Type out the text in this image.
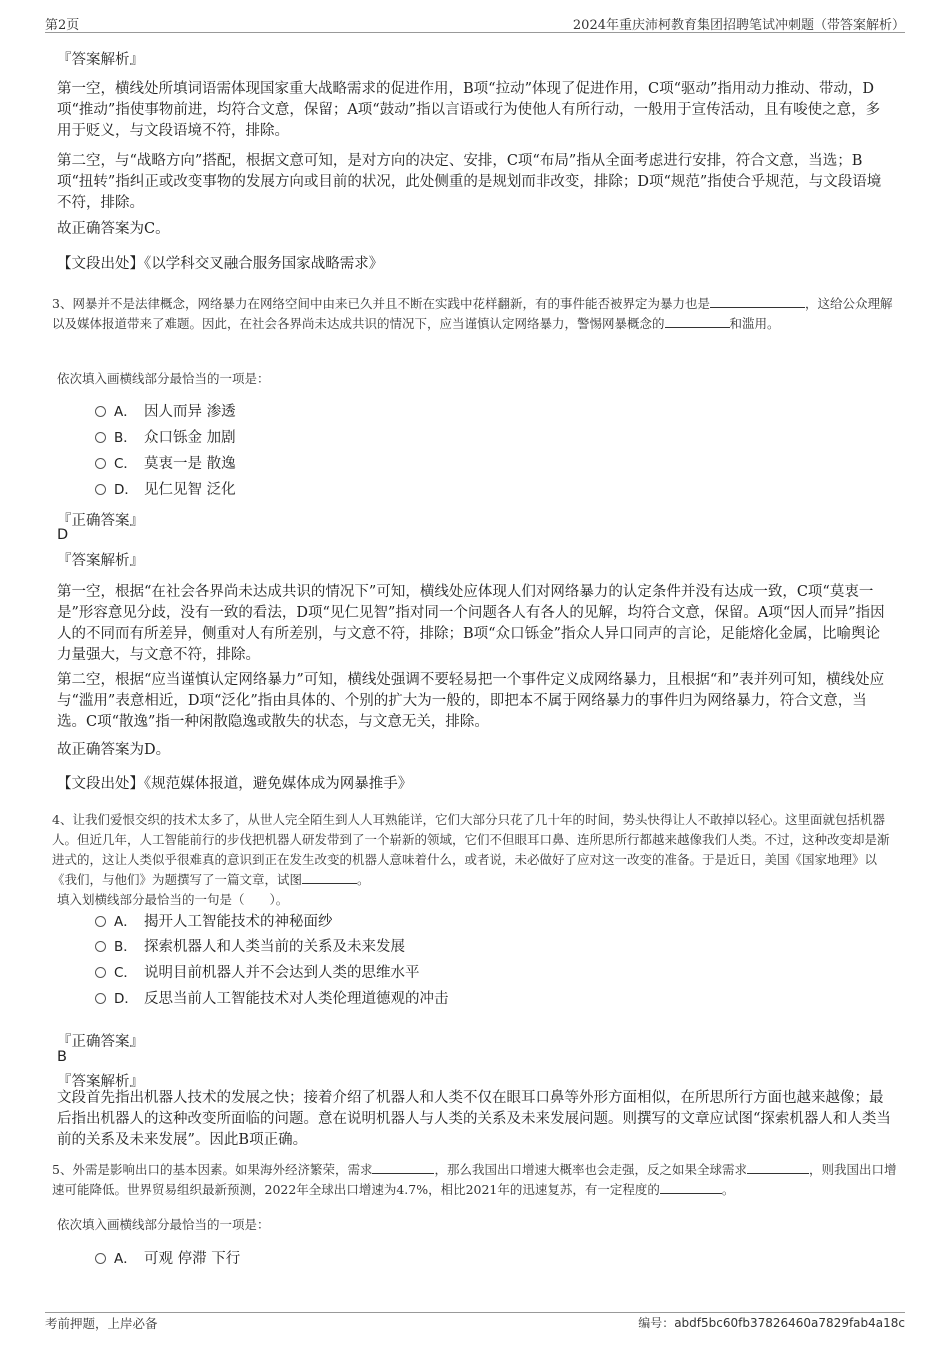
第2页	2024年重庆沛柯教育集团招聘笔试冲刺题（带答案解析）
『答案解析』
第一空，横线处所填词语需体现国家重大战略需求的促进作用，B项“拉动”体现了促进作用，C项“驱动”指用动力推动、带动，D项“推动”指使事物前进，均符合文意，保留；A项“鼓动”指以言语或行为使他人有所行动，一般用于宣传活动，且有唆使之意，多用于贬义，与文段语境不符，排除。
第二空，与“战略方向”搭配，根据文意可知，是对方向的决定、安排，C项“布局”指从全面考虑进行安排，符合文意，当选；B项“扭转”指纠正或改变事物的发展方向或目前的状况，此处侧重的是规划而非改变，排除；D项“规范”指使合乎规范，与文段语境不符，排除。
故正确答案为C。
【文段出处】《以学科交叉融合服务国家战略需求》
3、网暴并不是法律概念，网络暴力在网络空间中由来已久并且不断在实践中花样翻新，有的事件能否被界定为暴力也是	，这给公众理解以及媒体报道带来了难题。因此，在社会各界尚未达成共识的情况下，应当谨慎认定网络暴力，警惕网暴概念的	和滥用。
依次填入画横线部分最恰当的一项是：
A． 因人而异 渗透
B． 众口铄金 加剧
C． 莫衷一是 散逸
D． 见仁见智 泛化
『正确答案』
D
『答案解析』
第一空，根据“在社会各界尚未达成共识的情况下”可知，横线处应体现人们对网络暴力的认定条件并没有达成一致，C项“莫衷一是”形容意见分歧，没有一致的看法，D项“见仁见智”指对同一个问题各人有各人的见解，均符合文意，保留。A项“因人而异”指因人的不同而有所差异，侧重对人有所差别，与文意不符，排除；B项“众口铄金”指众人异口同声的言论，足能熔化金属，比喻舆论力量强大，与文意不符，排除。
第二空，根据“应当谨慎认定网络暴力”可知，横线处强调不要轻易把一个事件定义成网络暴力，且根据“和”表并列可知，横线处应与“滥用”表意相近，D项“泛化”指由具体的、个别的扩大为一般的，即把本不属于网络暴力的事件归为网络暴力，符合文意，当选。C项“散逸”指一种闲散隐逸或散失的状态，与文意无关，排除。
故正确答案为D。
【文段出处】《规范媒体报道，避免媒体成为网暴推手》
4、让我们爱恨交织的技术太多了，从世人完全陌生到人人耳熟能详，它们大部分只花了几十年的时间，势头快得让人不敢掉以轻心。这里面就包括机器人。但近几年，人工智能前行的步伐把机器人研发带到了一个崭新的领域，它们不但眼耳口鼻、连所思所行都越来越像我们人类。不过，这种改变却是渐进式的，这让人类似乎很难真的意识到正在发生改变的机器人意味着什么，或者说，未必做好了应对这一改变的准备。于是近日，美国《国家地理》以《我们，与他们》为题撰写了一篇文章，试图	。
填入划横线部分最恰当的一句是（　　）。
A． 揭开人工智能技术的神秘面纱
B． 探索机器人和人类当前的关系及未来发展
C． 说明目前机器人并不会达到人类的思维水平
D． 反思当前人工智能技术对人类伦理道德观的冲击
『正确答案』
B
『答案解析』
文段首先指出机器人技术的发展之快；接着介绍了机器人和人类不仅在眼耳口鼻等外形方面相似，在所思所行方面也越来越像；最后指出机器人的这种改变所面临的问题。意在说明机器人与人类的关系及未来发展问题。则撰写的文章应试图“探索机器人和人类当前的关系及未来发展”。因此B项正确。
5、外需是影响出口的基本因素。如果海外经济繁荣，需求	，那么我国出口增速大概率也会走强，反之如果全球需求	，则我国出口增速可能降低。世界贸易组织最新预测，2022年全球出口增速为4.7%，相比2021年的迅速复苏，有一定程度的	。
依次填入画横线部分最恰当的一项是：
A． 可观 停滞 下行
考前押题，上岸必备	编号：abdf5bc60fb37826460a7829fab4a18c
